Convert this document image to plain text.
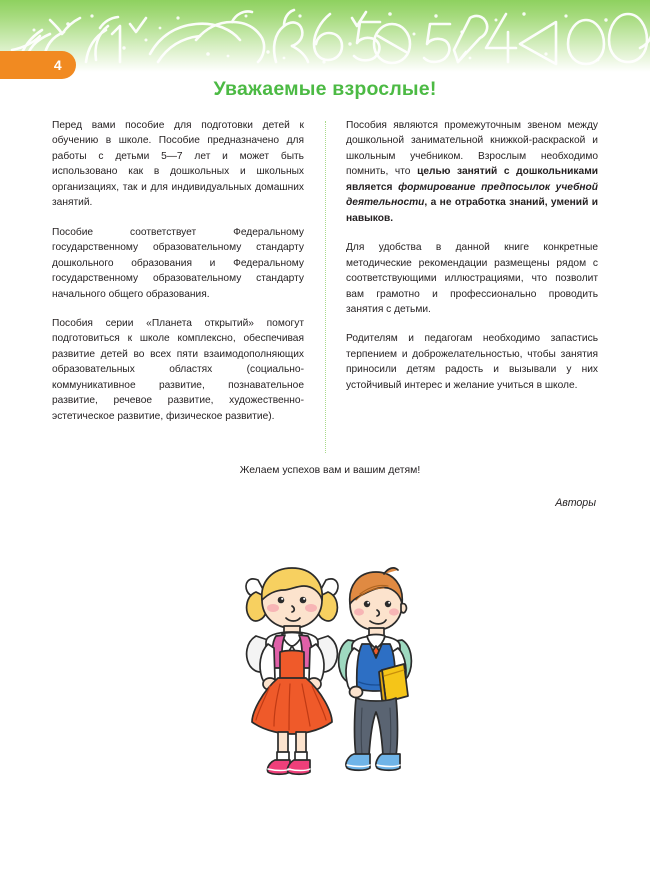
4
Уважаемые взрослые!

Перед вами пособие для подготовки детей к обучению в школе. Пособие предназначено для работы с детьми 5—7 лет и может быть использовано как в дошкольных и школьных организациях, так и для индивидуальных домашних занятий.

Пособие соответствует Федеральному государственному образовательному стандарту дошкольного образования и Федеральному государственному образовательному стандарту начального общего образования.

Пособия серии «Планета открытий» помогут подготовиться к школе комплексно, обеспечивая развитие детей во всех пяти взаимодополняющих образовательных областях (социально-коммуникативное развитие, познавательное развитие, речевое развитие, художественно-эстетическое развитие, физическое развитие).

Пособия являются промежуточным звеном между дошкольной занимательной книжкой-раскраской и школьным учебником. Взрослым необходимо помнить, что целью занятий с дошкольниками является формирование предпосылок учебной деятельности, а не отработка знаний, умений и навыков.

Для удобства в данной книге конкретные методические рекомендации размещены рядом с соответствующими иллюстрациями, что позволит вам грамотно и профессионально проводить занятия с детьми.

Родителям и педагогам необходимо запастись терпением и доброжелательностью, чтобы занятия приносили детям радость и вызывали у них устойчивый интерес и желание учиться в школе.

Желаем успехов вам и вашим детям!
Авторы
